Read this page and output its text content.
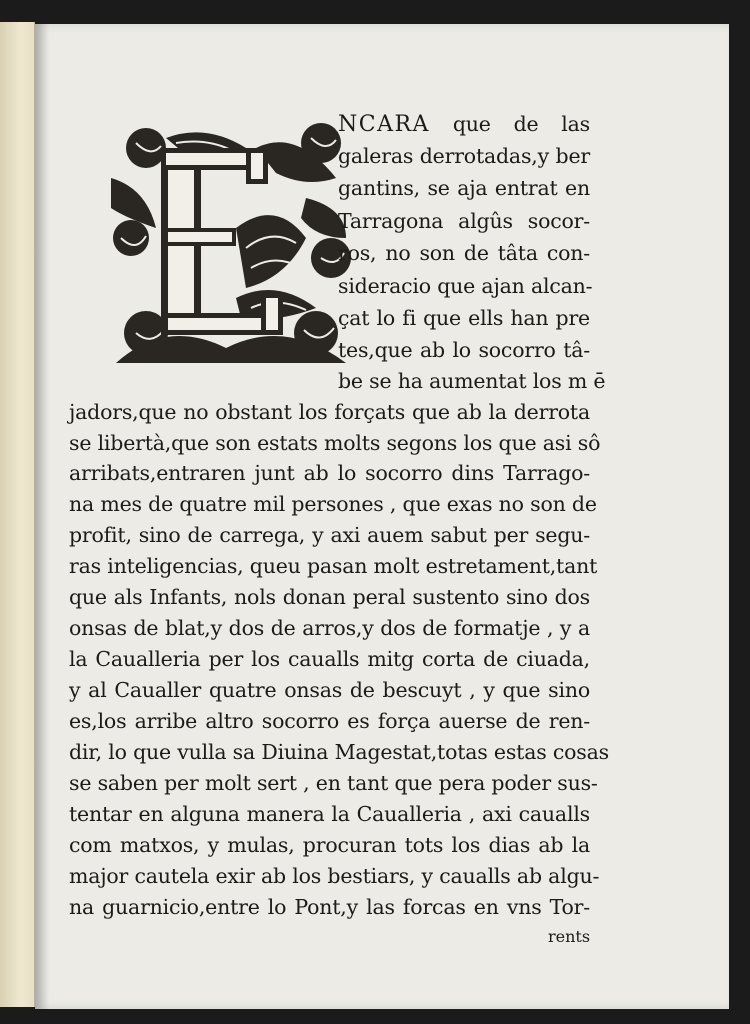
NCARA que de las
galeras derrotadas,y ber
gantins, se aja entrat en
Tarragona algûs socor-
ros, no son de tâta con-
sideracio que ajan alcan-
çat lo fi que ells han pre
tes,que ab lo socorro tâ-
be se ha aumentat los m ē
jadors,que no obstant los forçats que ab la derrota
se libertà,que son estats molts segons los que asi sô
arribats,entraren junt ab lo socorro dins Tarrago-
na mes de quatre mil persones , que exas no son de
profit, sino de carrega, y axi auem sabut per segu-
ras inteligencias, queu pasan molt estretament,tant
que als Infants, nols donan peral sustento sino dos
onsas de blat,y dos de arros,y dos de formatje , y a
la Caualleria per los caualls mitg corta de ciuada,
y al Caualler quatre onsas de bescuyt , y que sino
es,los arribe altro socorro es força auerse de ren-
dir, lo que vulla sa Diuina Magestat,totas estas cosas
se saben per molt sert , en tant que pera poder sus-
tentar en alguna manera la Caualleria , axi caualls
com matxos, y mulas, procuran tots los dias ab la
major cautela exir ab los bestiars, y caualls ab algu-
na guarnicio,entre lo Pont,y las forcas en vns Tor-
rents
